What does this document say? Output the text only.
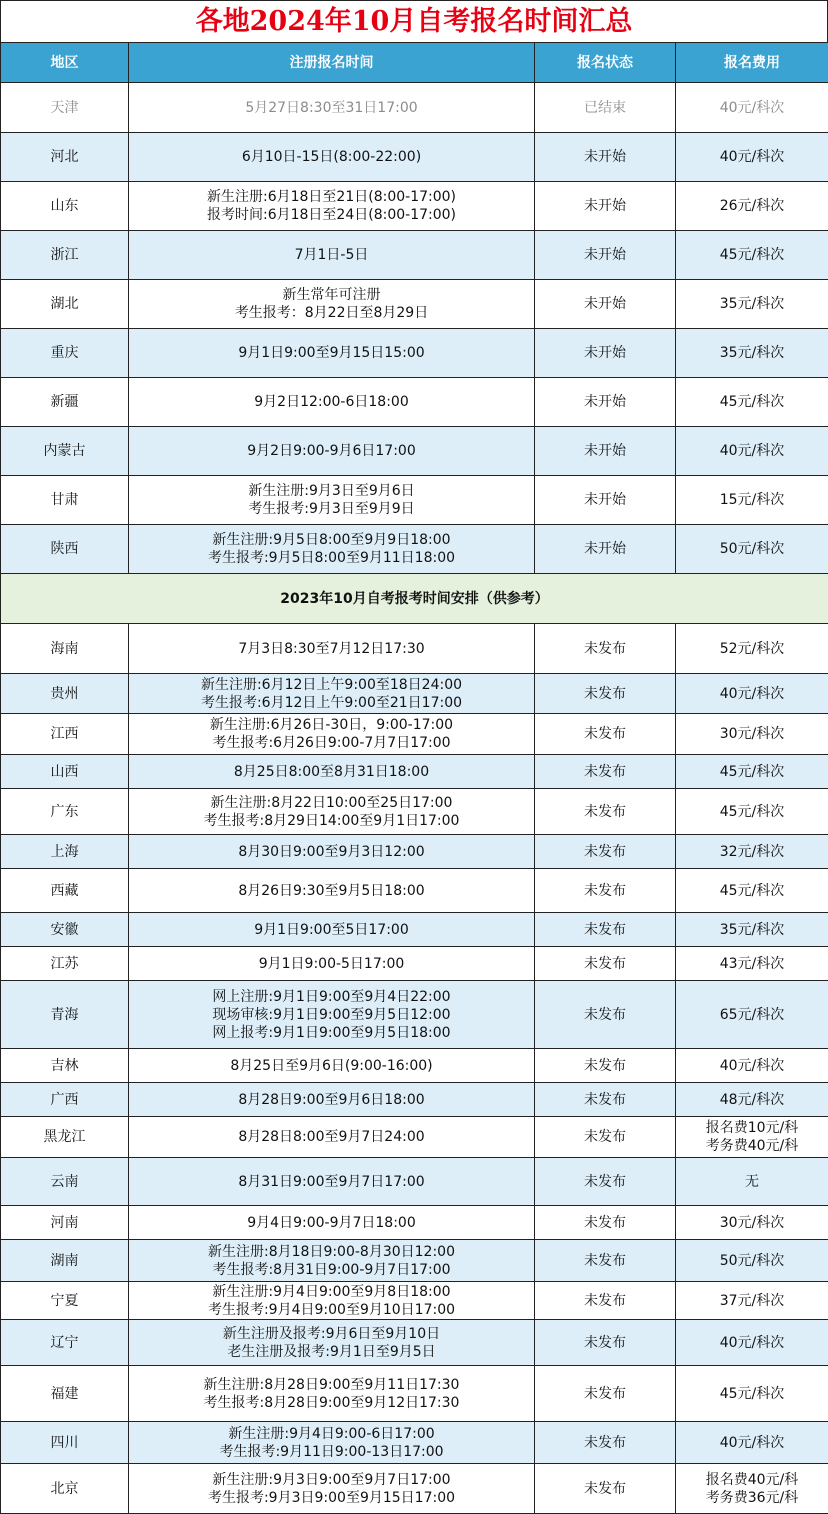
各地2024年10月自考报名时间汇总
地区	注册报名时间	报名状态	报名费用
天津	5月27日8:30至31日17:00	已结束	40元/科次

河北	6月10日-15日(8:00-22:00)	未开始	40元/科次

山东	新生注册:6月18日至21日(8:00-17:00)
报考时间:6月18日至24日(8:00-17:00)	未开始	26元/科次

浙江	7月1日-5日	未开始	45元/科次

湖北	新生常年可注册
考生报考：8月22日至8月29日	未开始	35元/科次

重庆	9月1日9:00至9月15日15:00	未开始	35元/科次

新疆	9月2日12:00-6日18:00	未开始	45元/科次

内蒙古	9月2日9:00-9月6日17:00	未开始	40元/科次

甘肃	新生注册:9月3日至9月6日
考生报考:9月3日至9月9日	未开始	15元/科次

陕西	新生注册:9月5日8:00至9月9日18:00
考生报考:9月5日8:00至9月11日18:00	未开始	50元/科次

2023年10月自考报考时间安排（供参考）			
海南	7月3日8:30至7月12日17:30	未发布	52元/科次

贵州	新生注册:6月12日上午9:00至18日24:00
考生报考:6月12日上午9:00至21日17:00	未发布	40元/科次

江西	新生注册:6月26日-30日，9:00-17:00
考生报考:6月26日9:00-7月7日17:00	未发布	30元/科次

山西	8月25日8:00至8月31日18:00	未发布	45元/科次

广东	新生注册:8月22日10:00至25日17:00
考生报考:8月29日14:00至9月1日17:00	未发布	45元/科次

上海	8月30日9:00至9月3日12:00	未发布	32元/科次

西藏	8月26日9:30至9月5日18:00	未发布	45元/科次

安徽	9月1日9:00至5日17:00	未发布	35元/科次

江苏	9月1日9:00-5日17:00	未发布	43元/科次

青海	网上注册:9月1日9:00至9月4日22:00
现场审核:9月1日9:00至9月5日12:00
网上报考:9月1日9:00至9月5日18:00	未发布	65元/科次

吉林	8月25日至9月6日(9:00-16:00)	未发布	40元/科次

广西	8月28日9:00至9月6日18:00	未发布	48元/科次

黑龙江	8月28日8:00至9月7日24:00	未发布	报名费10元/科
考务费40元/科

云南	8月31日9:00至9月7日17:00	未发布	无

河南	9月4日9:00-9月7日18:00	未发布	30元/科次

湖南	新生注册:8月18日9:00-8月30日12:00
考生报考:8月31日9:00-9月7日17:00	未发布	50元/科次

宁夏	新生注册:9月4日9:00至9月8日18:00
考生报考:9月4日9:00至9月10日17:00	未发布	37元/科次

辽宁	新生注册及报考:9月6日至9月10日
老生注册及报考:9月1日至9月5日	未发布	40元/科次

福建	新生注册:8月28日9:00至9月11日17:30
考生报考:8月28日9:00至9月12日17:30	未发布	45元/科次

四川	新生注册:9月4日9:00-6日17:00
考生报考:9月11日9:00-13日17:00	未发布	40元/科次

北京	新生注册:9月3日9:00至9月7日17:00
考生报考:9月3日9:00至9月15日17:00	未发布	报名费40元/科
考务费36元/科
